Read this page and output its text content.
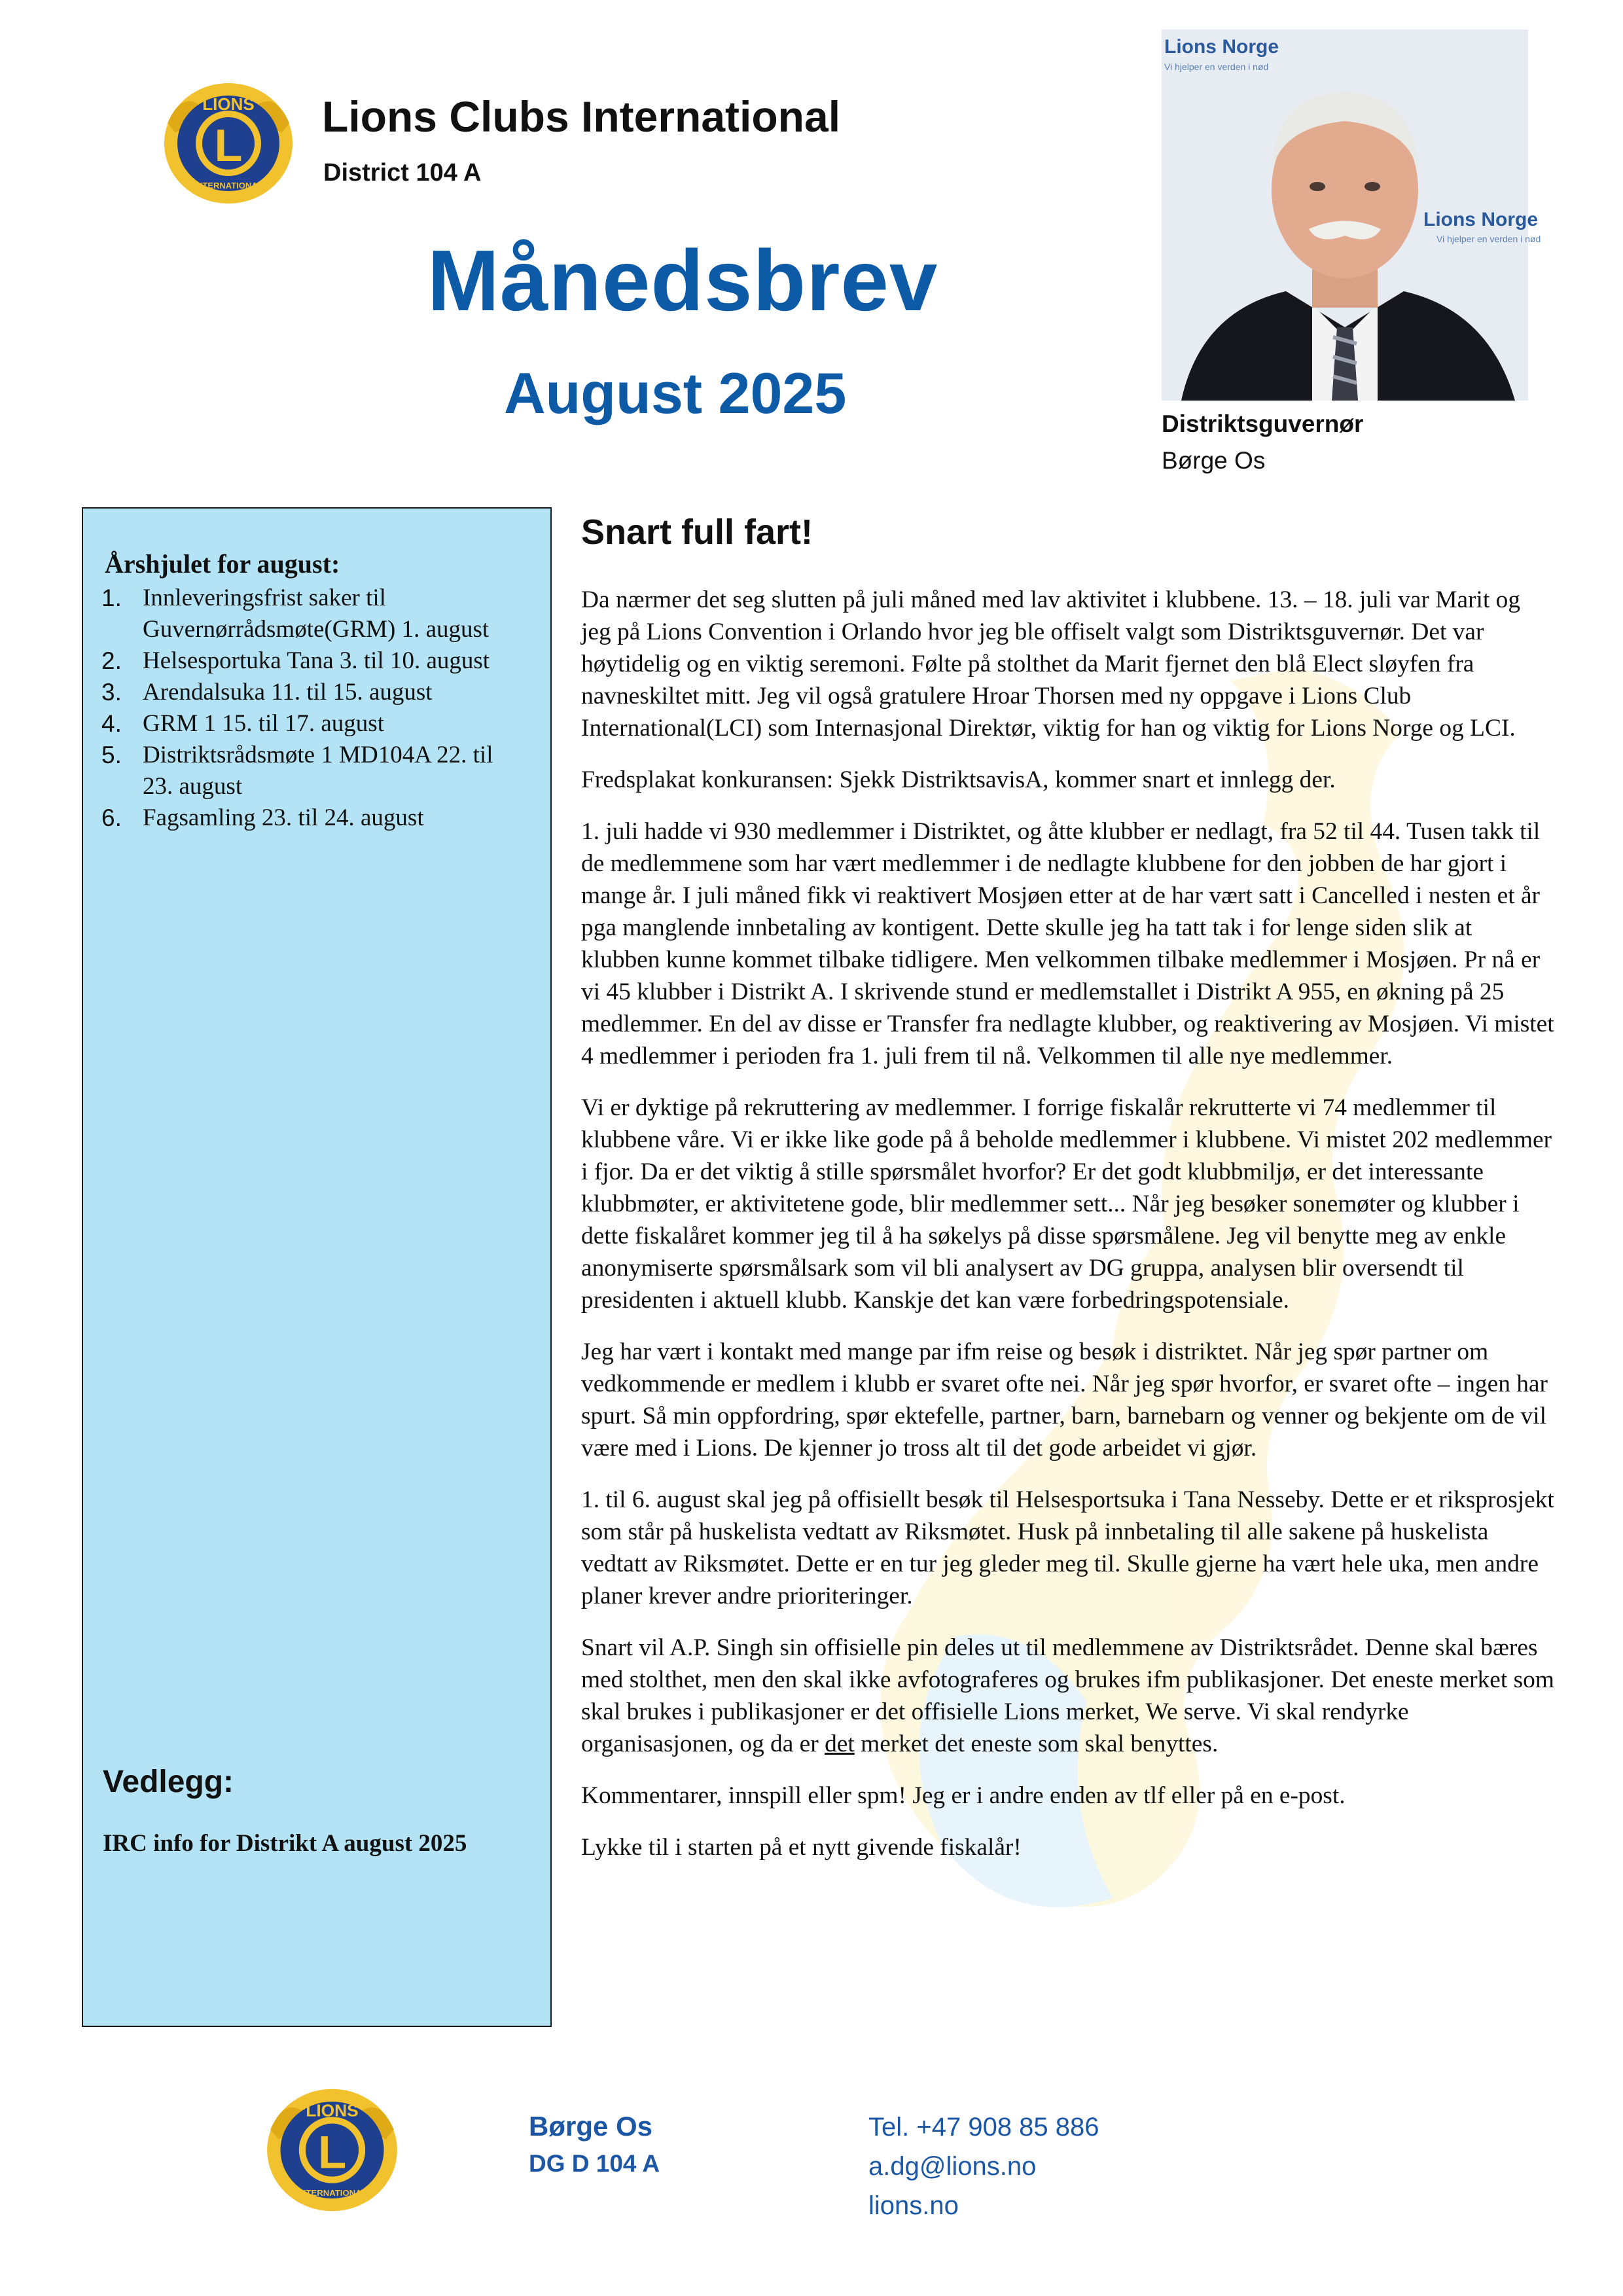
L
LIONS
INTERNATIONAL
Lions Clubs International
District 104 A
Månedsbrev
August 2025
Lions Norge
Vi hjelper en verden i nød
Lions Norge
Vi hjelper en verden i nød
Distriktsguvernør
Børge Os
Årshjulet for august:
1. Innleveringsfrist saker til Guvernørrådsmøte(GRM) 1. august
2. Helsesportuka Tana 3. til 10. august
3. Arendalsuka 11. til 15. august
4. GRM 1 15. til 17. august
5. Distriktsrådsmøte 1 MD104A 22. til 23. august
6. Fagsamling 23. til 24. august
Vedlegg:
IRC info for Distrikt A august 2025
Snart full fart!

Da nærmer det seg slutten på juli måned med lav aktivitet i klubbene. 13. – 18. juli var Marit og jeg på Lions Convention i Orlando hvor jeg ble offiselt valgt som Distriktsguvernør. Det var høytidelig og en viktig seremoni. Følte på stolthet da Marit fjernet den blå Elect sløyfen fra navneskiltet mitt. Jeg vil også gratulere Hroar Thorsen med ny oppgave i Lions Club International(LCI) som Internasjonal Direktør, viktig for han og viktig for Lions Norge og LCI.

Fredsplakat konkuransen: Sjekk DistriktsavisA, kommer snart et innlegg der.

1. juli hadde vi 930 medlemmer i Distriktet, og åtte klubber er nedlagt, fra 52 til 44. Tusen takk til de medlemmene som har vært medlemmer i de nedlagte klubbene for den jobben de har gjort i mange år. I juli måned fikk vi reaktivert Mosjøen etter at de har vært satt i Cancelled i nesten et år pga manglende innbetaling av kontigent. Dette skulle jeg ha tatt tak i for lenge siden slik at klubben kunne kommet tilbake tidligere. Men velkommen tilbake medlemmer i Mosjøen. Pr nå er vi 45 klubber i Distrikt A. I skrivende stund er medlemstallet i Distrikt A 955, en økning på 25 medlemmer. En del av disse er Transfer fra nedlagte klubber, og reaktivering av Mosjøen. Vi mistet 4 medlemmer i perioden fra 1. juli frem til nå. Velkommen til alle nye medlemmer.

Vi er dyktige på rekruttering av medlemmer. I forrige fiskalår rekrutterte vi 74 medlemmer til klubbene våre. Vi er ikke like gode på å beholde medlemmer i klubbene. Vi mistet 202 medlemmer i fjor. Da er det viktig å stille spørsmålet hvorfor? Er det godt klubbmiljø, er det interessante klubbmøter, er aktivitetene gode, blir medlemmer sett... Når jeg besøker sonemøter og klubber i dette fiskalåret kommer jeg til å ha søkelys på disse spørsmålene. Jeg vil benytte meg av enkle anonymiserte spørsmålsark som vil bli analysert av DG gruppa, analysen blir oversendt til presidenten i aktuell klubb. Kanskje det kan være forbedringspotensiale.

Jeg har vært i kontakt med mange par ifm reise og besøk i distriktet. Når jeg spør partner om vedkommende er medlem i klubb er svaret ofte nei. Når jeg spør hvorfor, er svaret ofte – ingen har spurt. Så min oppfordring, spør ektefelle, partner, barn, barnebarn og venner og bekjente om de vil være med i Lions. De kjenner jo tross alt til det gode arbeidet vi gjør.

1. til 6. august skal jeg på offisiellt besøk til Helsesportsuka i Tana Nesseby. Dette er et riksprosjekt som står på huskelista vedtatt av Riksmøtet. Husk på innbetaling til alle sakene på huskelista vedtatt av Riksmøtet. Dette er en tur jeg gleder meg til. Skulle gjerne ha vært hele uka, men andre planer krever andre prioriteringer.

Snart vil A.P. Singh sin offisielle pin deles ut til medlemmene av Distriktsrådet. Denne skal bæres med stolthet, men den skal ikke avfotograferes og brukes ifm publikasjoner. Det eneste merket som skal brukes i publikasjoner er det offisielle Lions merket, We serve. Vi skal rendyrke organisasjonen, og da er det merket det eneste som skal benyttes.

Kommentarer, innspill eller spm! Jeg er i andre enden av tlf eller på en e-post.

Lykke til i starten på et nytt givende fiskalår!

L
LIONS
INTERNATIONAL
Børge Os
DG D 104 A
Tel. +47 908 85 886
a.dg@lions.no
lions.no
